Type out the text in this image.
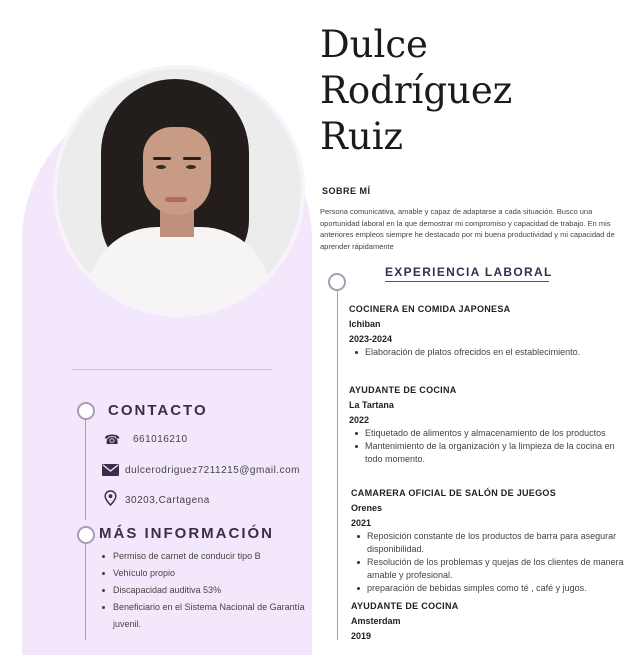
Dulce
Rodríguez
Ruiz
SOBRE MÍ

Persona comunicativa, amable y capaz de adaptarse a cada situación. Busco una oportunidad laboral en la que demostrar mi compromiso y capacidad de trabajo. En mis anteriores empleos siempre he destacado por mi buena productividad y mi capacidad de aprender rápidamente

EXPERIENCIA LABORAL
COCINERA EN COMIDA JAPONESA
Ichiban
2023-2024
Elaboración de platos ofrecidos en el establecimiento.
AYUDANTE DE COCINA
La Tartana
2022
Etiquetado de alimentos y almacenamiento de los productos
Mantenimiento de la organización y la limpieza de la cocina en todo momento.
CAMARERA OFICIAL DE SALÓN DE JUEGOS
Orenes
2021
Reposición constante de los productos de barra para asegurar disponibilidad.
Resolución de los problemas y quejas de los clientes de manera amable y profesional.
preparación de bebidas simples como té , café y jugos.
AYUDANTE DE COCINA
Amsterdam
2019
CONTACTO
☎ 661016210
dulcerodriguez7211215@gmail.com
30203,Cartagena
MÁS INFORMACIÓN
Permiso de carnet de conducir tipo B
Vehículo propio
Discapacidad auditiva 53%
Beneficiario en el Sistema Nacional de Garantía juvenil.
